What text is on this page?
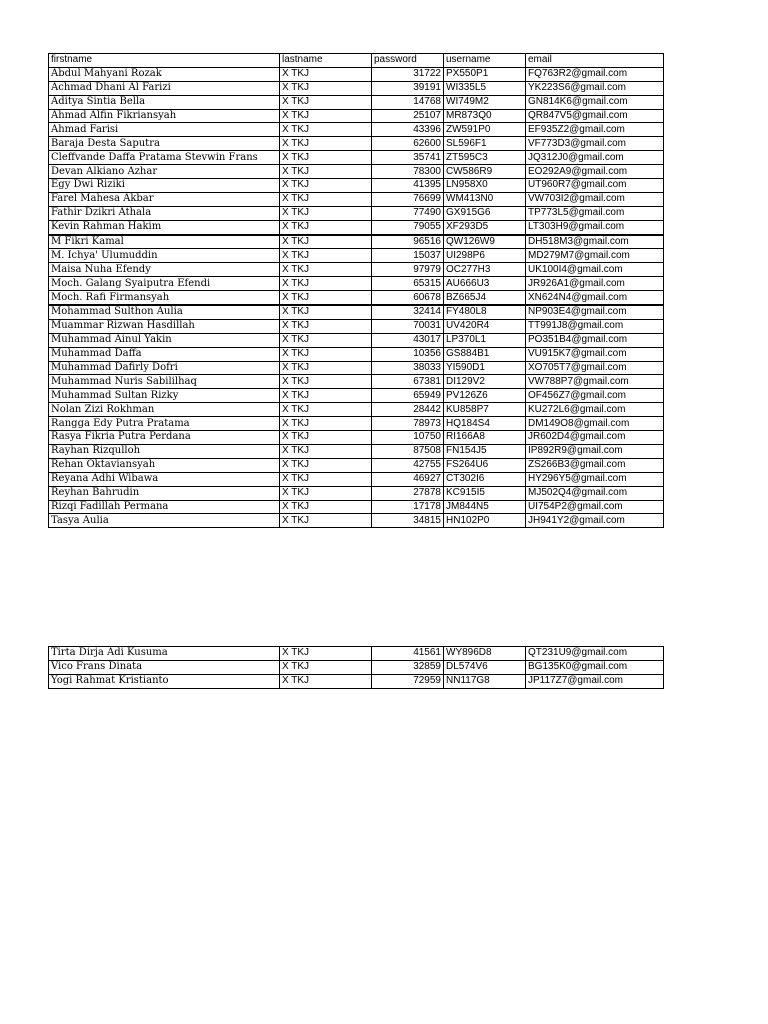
firstname	lastname	password	username	email
Abdul Mahyani Rozak	X TKJ	31722	PX550P1	FQ763R2@gmail.com
Achmad Dhani Al Farizi	X TKJ	39191	WI335L5	YK223S6@gmail.com
Aditya Sintia Bella	X TKJ	14768	WI749M2	GN814K6@gmail.com
Ahmad Alfin Fikriansyah	X TKJ	25107	MR873Q0	QR847V5@gmail.com
Ahmad Farisi	X TKJ	43396	ZW591P0	EF935Z2@gmail.com
Baraja Desta Saputra	X TKJ	62600	SL596F1	VF773D3@gmail.com
Cleffvande Daffa Pratama Stevwin Frans	X TKJ	35741	ZT595C3	JQ312J0@gmail.com
Devan Alkiano Azhar	X TKJ	78300	CW586R9	EO292A9@gmail.com
Egy Dwi Riziki	X TKJ	41395	LN958X0	UT960R7@gmail.com
Farel Mahesa Akbar	X TKJ	76699	WM413N0	VW703I2@gmail.com
Fathir Dzikri Athala	X TKJ	77490	GX915G6	TP773L5@gmail.com
Kevin Rahman Hakim	X TKJ	79055	XF293D5	LT303H9@gmail.com
M Fikri Kamal	X TKJ	96516	QW126W9	DH518M3@gmail.com
M. Ichya' Ulumuddin	X TKJ	15037	UI298P6	MD279M7@gmail.com
Maisa Nuha Efendy	X TKJ	97979	OC277H3	UK100I4@gmail.com
Moch. Galang Syaiputra Efendi	X TKJ	65315	AU666U3	JR926A1@gmail.com
Moch. Rafi Firmansyah	X TKJ	60678	BZ665J4	XN624N4@gmail.com
Mohammad Sulthon Aulia	X TKJ	32414	FY480L8	NP903E4@gmail.com
Muammar Rizwan Hasdillah	X TKJ	70031	UV420R4	TT991J8@gmail.com
Muhammad Ainul Yakin	X TKJ	43017	LP370L1	PO351B4@gmail.com
Muhammad Daffa	X TKJ	10356	GS884B1	VU915K7@gmail.com
Muhammad Dafirly Dofri	X TKJ	38033	YI590D1	XO705T7@gmail.com
Muhammad Nuris Sabililhaq	X TKJ	67381	DI129V2	VW788P7@gmail.com
Muhammad Sultan Rizky	X TKJ	65949	PV126Z6	OF456Z7@gmail.com
Nolan Zizi Rokhman	X TKJ	28442	KU858P7	KU272L6@gmail.com
Rangga Edy Putra Pratama	X TKJ	78973	HQ184S4	DM149O8@gmail.com
Rasya Fikria Putra Perdana	X TKJ	10750	RI166A8	JR602D4@gmail.com
Rayhan Rizqulloh	X TKJ	87508	FN154J5	IP892R9@gmail.com
Rehan Oktaviansyah	X TKJ	42755	FS264U6	ZS266B3@gmail.com
Reyana Adhi Wibawa	X TKJ	46927	CT302I6	HY296Y5@gmail.com
Reyhan Bahrudin	X TKJ	27878	KC915I5	MJ502Q4@gmail.com
Rizqi Fadillah Permana	X TKJ	17178	JM844N5	UI754P2@gmail.com
Tasya Aulia	X TKJ	34815	HN102P0	JH941Y2@gmail.com
Tirta Dirja Adi Kusuma	X TKJ	41561	WY896D8	QT231U9@gmail.com
Vico Frans Dinata	X TKJ	32859	DL574V6	BG135K0@gmail.com
Yogi Rahmat Kristianto	X TKJ	72959	NN117G8	JP117Z7@gmail.com
